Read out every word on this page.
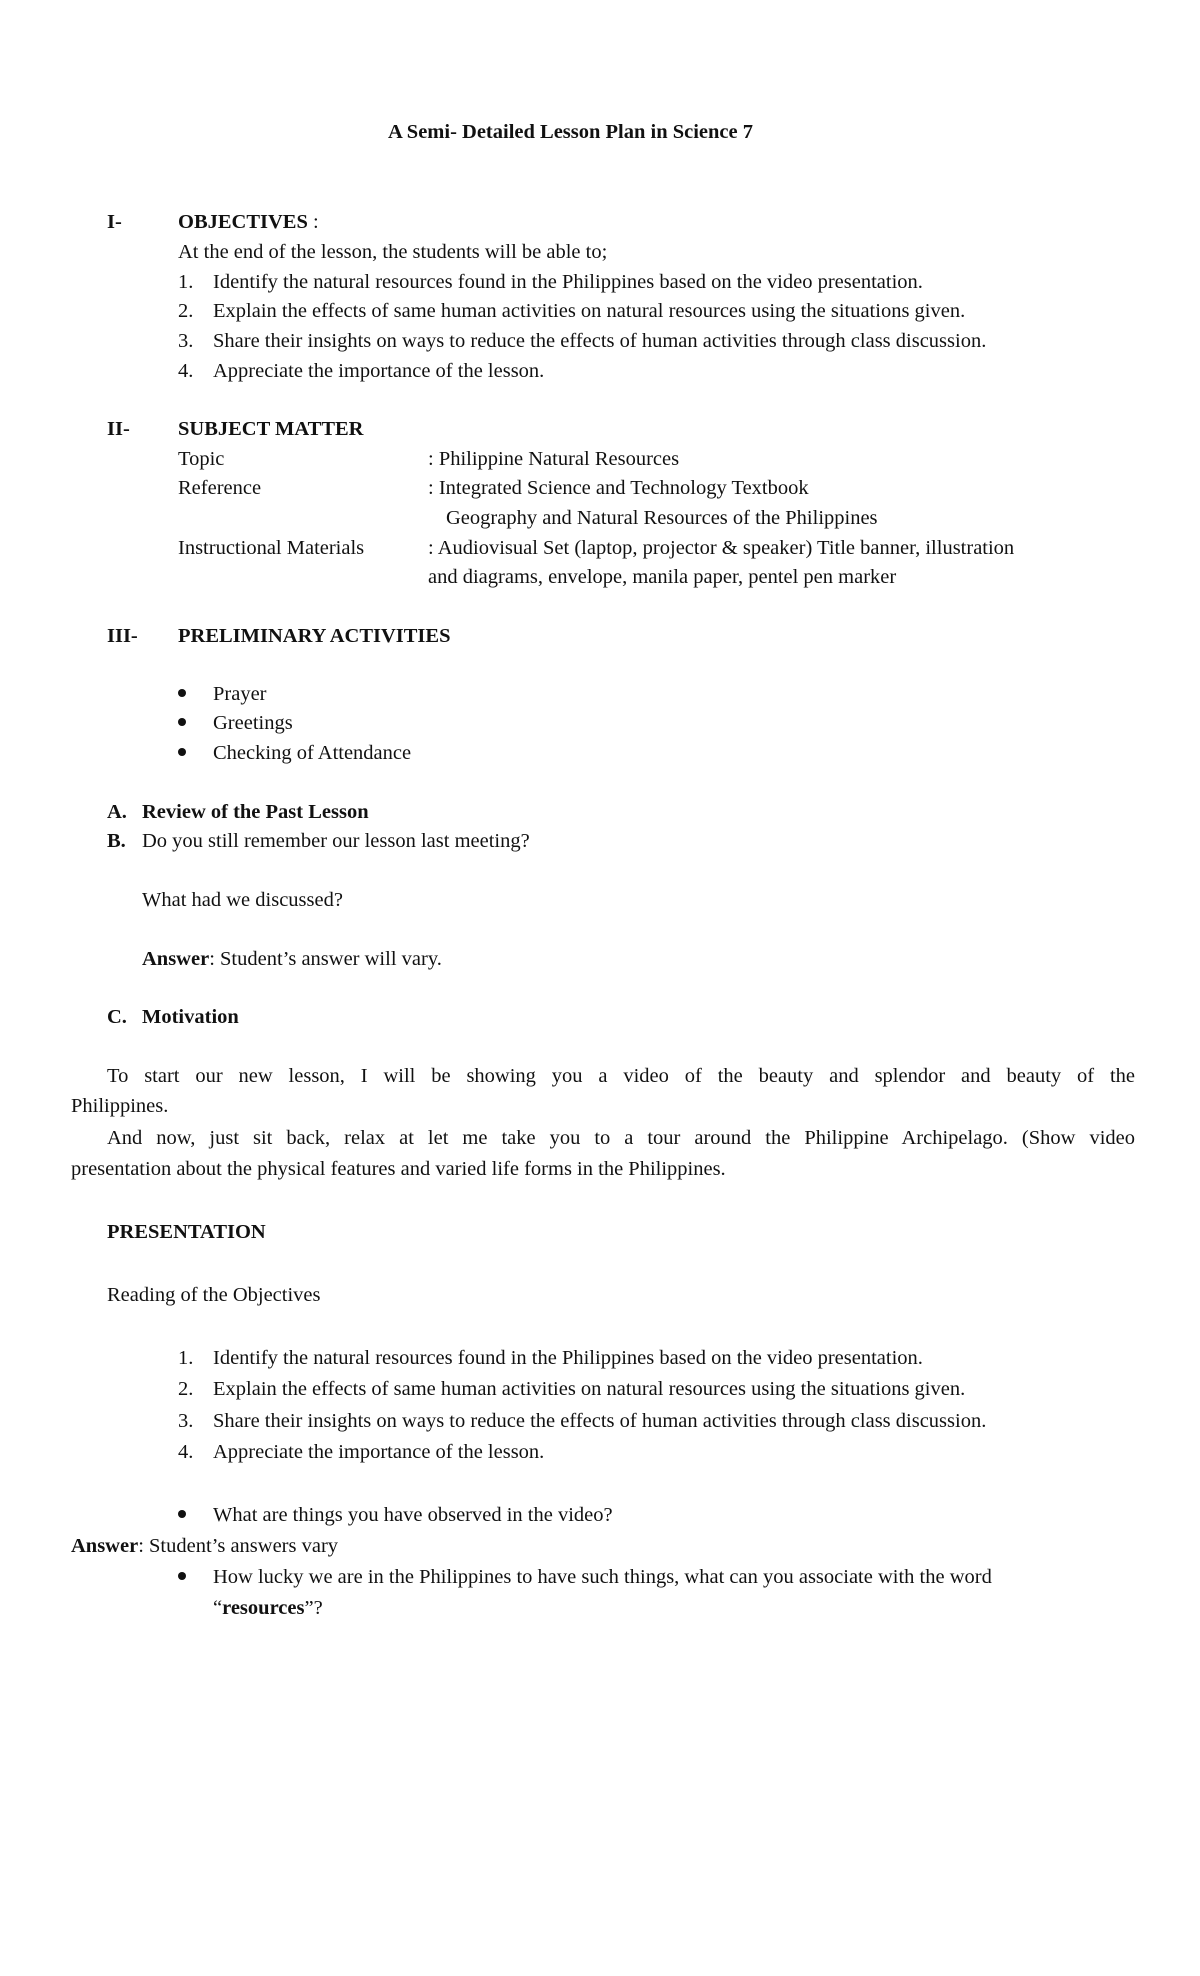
A Semi- Detailed Lesson Plan in Science 7
I-	OBJECTIVES :
At the end of the lesson, the students will be able to;
1. Identify the natural resources found in the Philippines based on the video presentation.
2. Explain the effects of same human activities on natural resources using the situations given.
3. Share their insights on ways to reduce the effects of human activities through class discussion.
4. Appreciate the importance of the lesson.
II- SUBJECT MATTER
Topic	: Philippine Natural Resources
Reference	: Integrated Science and Technology Textbook
Geography and Natural Resources of the Philippines
Instructional Materials	: Audiovisual Set (laptop, projector & speaker) Title banner, illustration
and diagrams, envelope, manila paper, pentel pen marker
III- PRELIMINARY ACTIVITIES
Prayer
Greetings
Checking of Attendance
A. Review of the Past Lesson
B. Do you still remember our lesson last meeting?
What had we discussed?
Answer: Student’s answer will vary.
C. Motivation
To start our new lesson, I will be showing you a video of the beauty and splendor and beauty of the
Philippines.
And now, just sit back, relax at let me take you to a tour around the Philippine Archipelago. (Show video
presentation about the physical features and varied life forms in the Philippines.
PRESENTATION
Reading of the Objectives
1. Identify the natural resources found in the Philippines based on the video presentation.
2. Explain the effects of same human activities on natural resources using the situations given.
3. Share their insights on ways to reduce the effects of human activities through class discussion.
4. Appreciate the importance of the lesson.
What are things you have observed in the video?
Answer: Student’s answers vary
How lucky we are in the Philippines to have such things, what can you associate with the word
“resources”?
